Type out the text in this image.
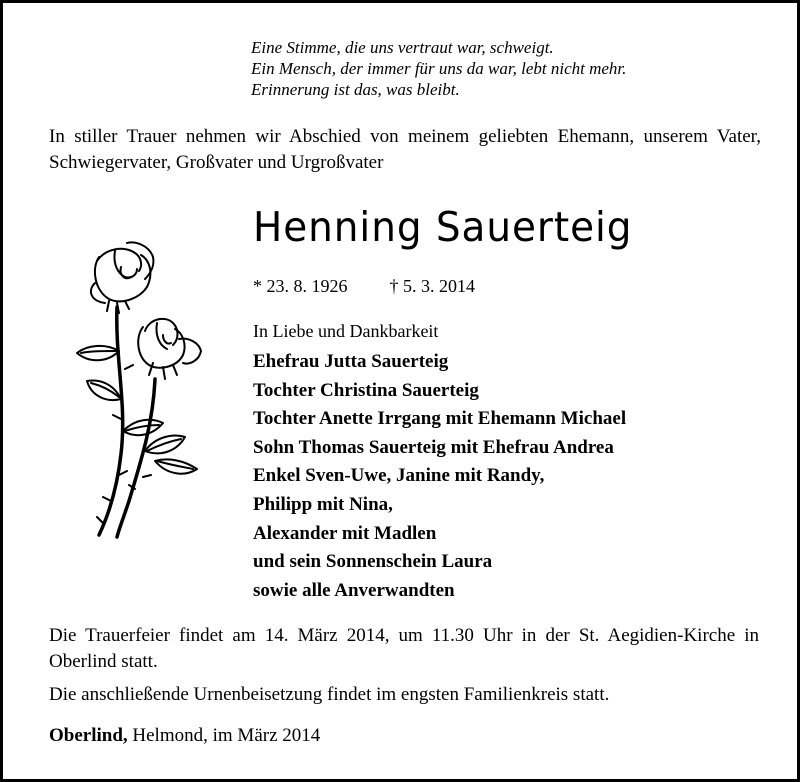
Eine Stimme, die uns vertraut war, schweigt.
Ein Mensch, der immer für uns da war, lebt nicht mehr.
Erinnerung ist das, was bleibt.
In stiller Trauer nehmen wir Abschied von meinem geliebten Ehemann, unserem Vater, Schwiegervater, Großvater und Urgroßvater
Henning Sauerteig
* 23. 8. 1926 † 5. 3. 2014
In Liebe und Dankbarkeit
Ehefrau Jutta Sauerteig
Tochter Christina Sauerteig
Tochter Anette Irrgang mit Ehemann Michael
Sohn Thomas Sauerteig mit Ehefrau Andrea
Enkel Sven-Uwe, Janine mit Randy,
Philipp mit Nina,
Alexander mit Madlen
und sein Sonnenschein Laura
sowie alle Anverwandten
Die Trauerfeier findet am 14. März 2014, um 11.30 Uhr in der St. Aegidien-Kirche in Oberlind statt.
Die anschließende Urnenbeisetzung findet im engsten Familienkreis statt.
Oberlind, Helmond, im März 2014
